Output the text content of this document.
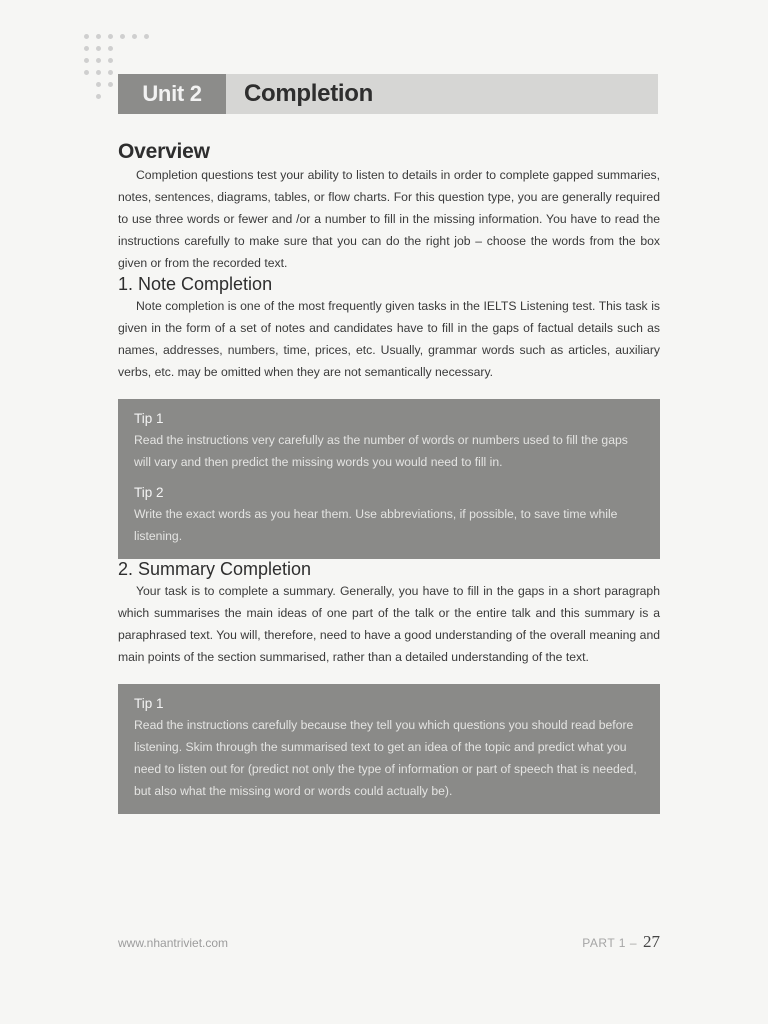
Unit 2	Completion
Overview

Completion questions test your ability to listen to details in order to complete gapped summaries, notes, sentences, diagrams, tables, or flow charts. For this question type, you are generally required to use three words or fewer and /or a number to fill in the missing information. You have to read the instructions carefully to make sure that you can do the right job – choose the words from the box given or from the recorded text.

1. Note Completion

Note completion is one of the most frequently given tasks in the IELTS Listening test. This task is given in the form of a set of notes and candidates have to fill in the gaps of factual details such as names, addresses, numbers, time, prices, etc. Usually, grammar words such as articles, auxiliary verbs, etc. may be omitted when they are not semantically necessary.

Tip 1
Read the instructions very carefully as the number of words or numbers used to fill the gaps will vary and then predict the missing words you would need to fill in.
Tip 2
Write the exact words as you hear them. Use abbreviations, if possible, to save time while listening.
2. Summary Completion

Your task is to complete a summary. Generally, you have to fill in the gaps in a short paragraph which summarises the main ideas of one part of the talk or the entire talk and this summary is a paraphrased text. You will, therefore, need to have a good understanding of the overall meaning and main points of the section summarised, rather than a detailed understanding of the text.

Tip 1
Read the instructions carefully because they tell you which questions you should read before listening. Skim through the summarised text to get an idea of the topic and predict what you need to listen out for (predict not only the type of information or part of speech that is needed, but also what the missing word or words could actually be).
www.nhantriviet.com	PART 1 – 27
